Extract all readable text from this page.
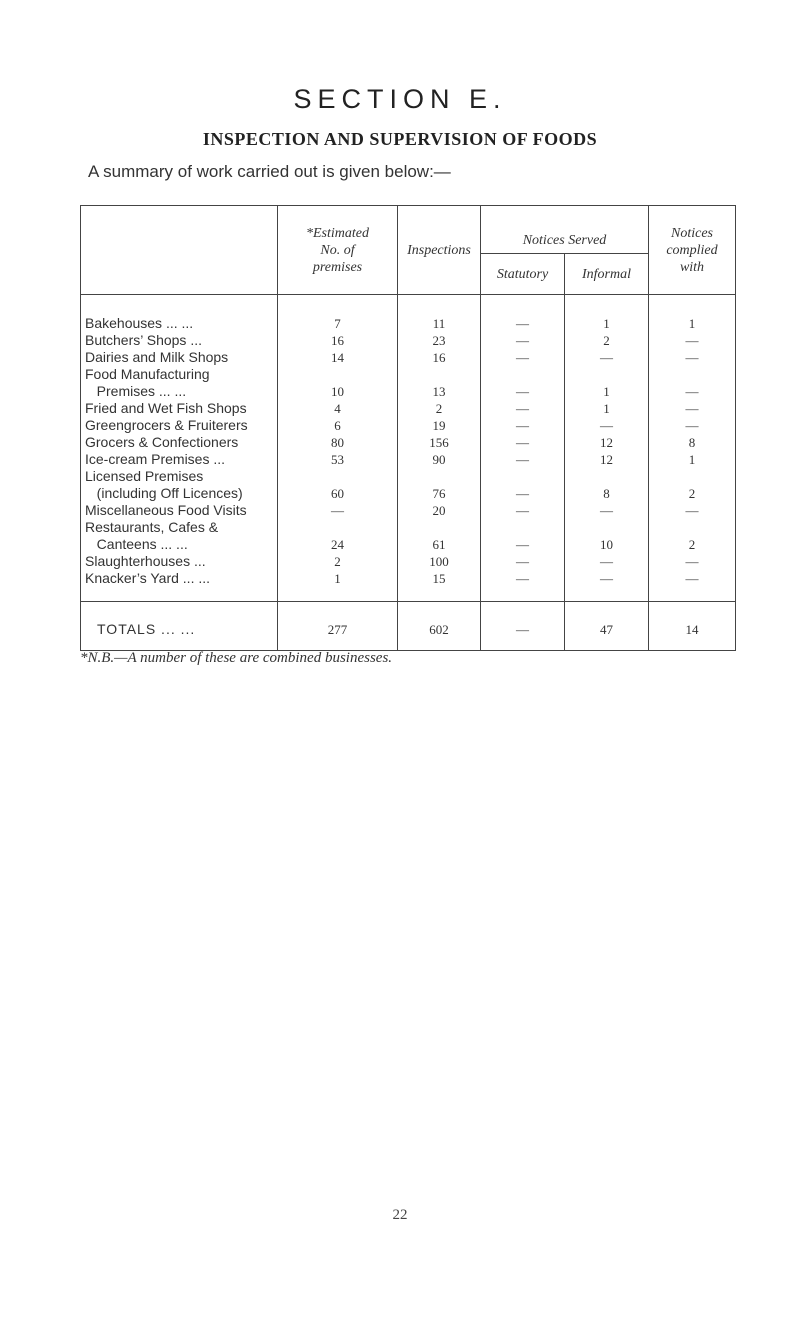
SECTION E.
INSPECTION AND SUPERVISION OF FOODS
A summary of work carried out is given below:—
	*Estimated
No. of
premises	Inspections	Notices Served		Notices
complied
with
			Statutory	Informal	
Bakehouses ... ...	7	11	—	1	1
Butchers’ Shops ...	16	23	—	2	—
Dairies and Milk Shops	14	16	—	—	—
Food Manufacturing
Premises ... ...	10	13	—	1	—
Fried and Wet Fish Shops	4	2	—	1	—
Greengrocers & Fruiterers	6	19	—	—	—
Grocers & Confectioners	80	156	—	12	8
Ice-cream Premises ...	53	90	—	12	1
Licensed Premises
(including Off Licences)	60	76	—	8	2
Miscellaneous Food Visits	—	20	—	—	—
Restaurants, Cafes &
Canteens ... ...	24	61	—	10	2
Slaughterhouses ...	2	100	—	—	—
Knacker’s Yard ... ...	1	15	—	—	—
TOTALS ... ...	277	602	—	47	14
*N.B.—A number of these are combined businesses.
22
